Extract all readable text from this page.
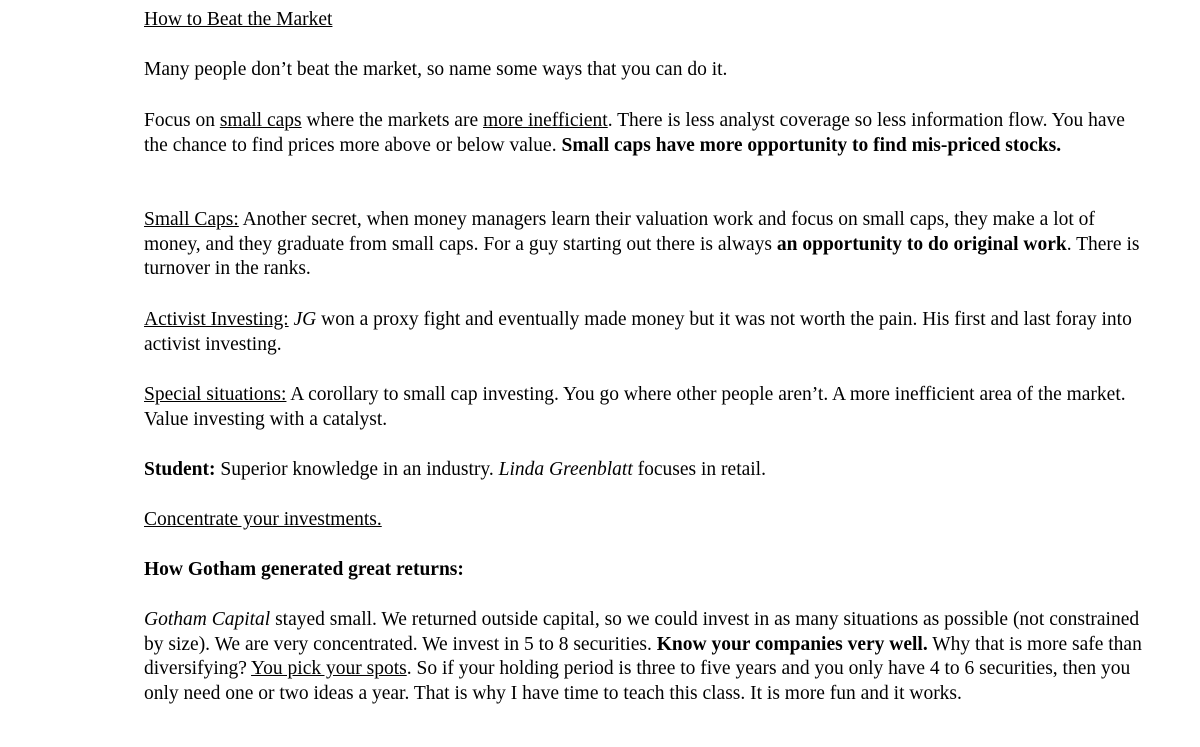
How to Beat the Market

Many people don’t beat the market, so name some ways that you can do it.

Focus on small caps where the markets are more inefficient. There is less analyst coverage so less information flow. You have the chance to find prices more above or below value. Small caps have more opportunity to find mis-priced stocks.

Small Caps: Another secret, when money managers learn their valuation work and focus on small caps, they make a lot of money, and they graduate from small caps. For a guy starting out there is always an opportunity to do original work. There is turnover in the ranks.

Activist Investing: JG won a proxy fight and eventually made money but it was not worth the pain. His first and last foray into activist investing.

Special situations: A corollary to small cap investing. You go where other people aren’t. A more inefficient area of the market. Value investing with a catalyst.

Student: Superior knowledge in an industry. Linda Greenblatt focuses in retail.

Concentrate your investments.

How Gotham generated great returns:

Gotham Capital stayed small. We returned outside capital, so we could invest in as many situations as possible (not constrained by size). We are very concentrated. We invest in 5 to 8 securities. Know your companies very well. Why that is more safe than diversifying? You pick your spots. So if your holding period is three to five years and you only have 4 to 6 securities, then you only need one or two ideas a year. That is why I have time to teach this class. It is more fun and it works.
